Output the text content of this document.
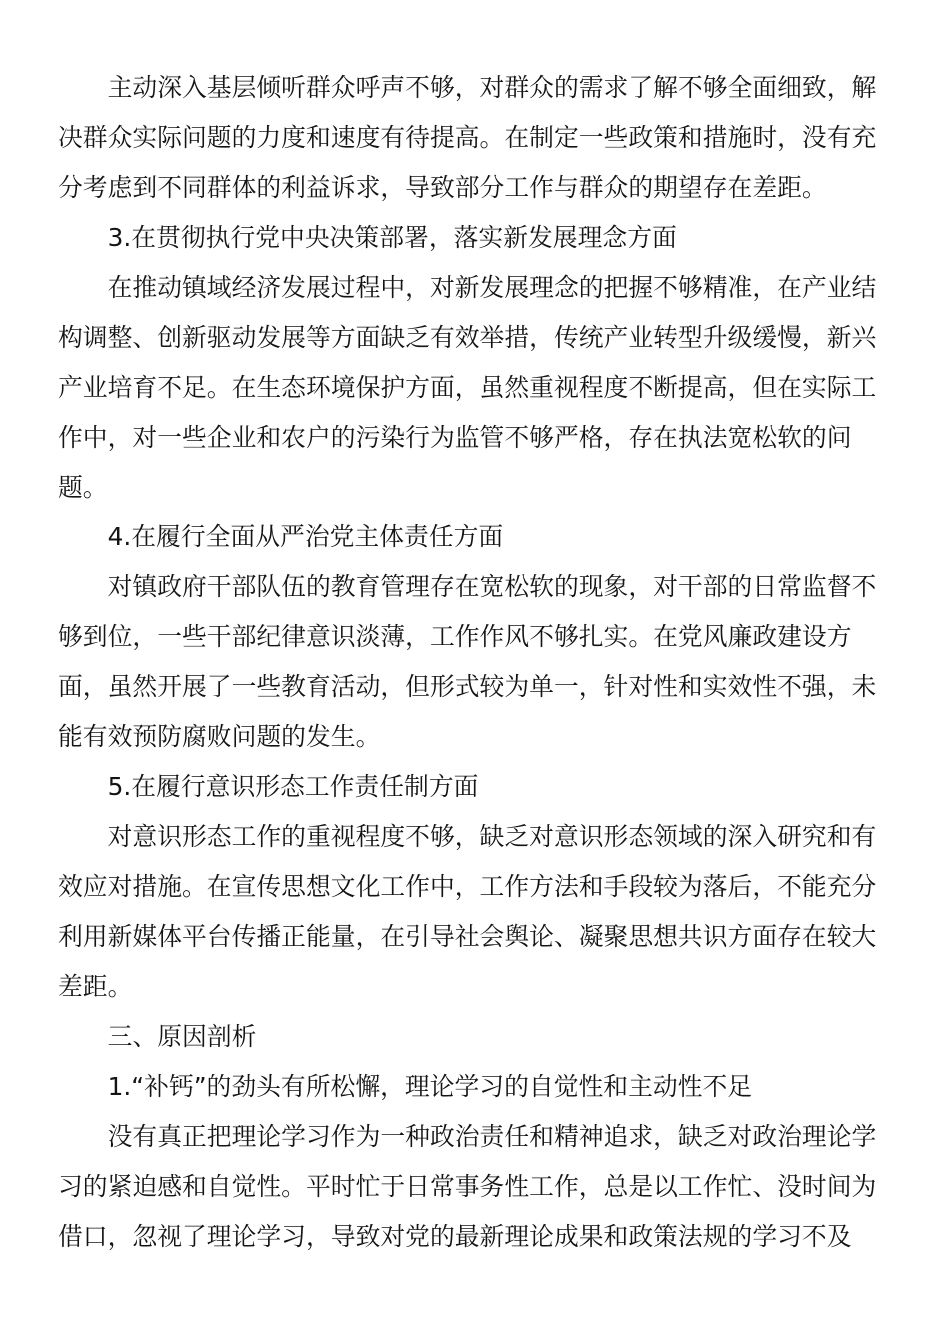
主动深入基层倾听群众呼声不够，对群众的需求了解不够全面细致，解
决群众实际问题的力度和速度有待提高。在制定一些政策和措施时，没有充
分考虑到不同群体的利益诉求，导致部分工作与群众的期望存在差距。
3.在贯彻执行党中央决策部署，落实新发展理念方面
在推动镇域经济发展过程中，对新发展理念的把握不够精准，在产业结
构调整、创新驱动发展等方面缺乏有效举措，传统产业转型升级缓慢，新兴
产业培育不足。在生态环境保护方面，虽然重视程度不断提高，但在实际工
作中，对一些企业和农户的污染行为监管不够严格，存在执法宽松软的问
题。
4.在履行全面从严治党主体责任方面
对镇政府干部队伍的教育管理存在宽松软的现象，对干部的日常监督不
够到位，一些干部纪律意识淡薄，工作作风不够扎实。在党风廉政建设方
面，虽然开展了一些教育活动，但形式较为单一，针对性和实效性不强，未
能有效预防腐败问题的发生。
5.在履行意识形态工作责任制方面
对意识形态工作的重视程度不够，缺乏对意识形态领域的深入研究和有
效应对措施。在宣传思想文化工作中，工作方法和手段较为落后，不能充分
利用新媒体平台传播正能量，在引导社会舆论、凝聚思想共识方面存在较大
差距。
三、原因剖析
1.“补钙”的劲头有所松懈，理论学习的自觉性和主动性不足
没有真正把理论学习作为一种政治责任和精神追求，缺乏对政治理论学
习的紧迫感和自觉性。平时忙于日常事务性工作，总是以工作忙、没时间为
借口，忽视了理论学习，导致对党的最新理论成果和政策法规的学习不及
